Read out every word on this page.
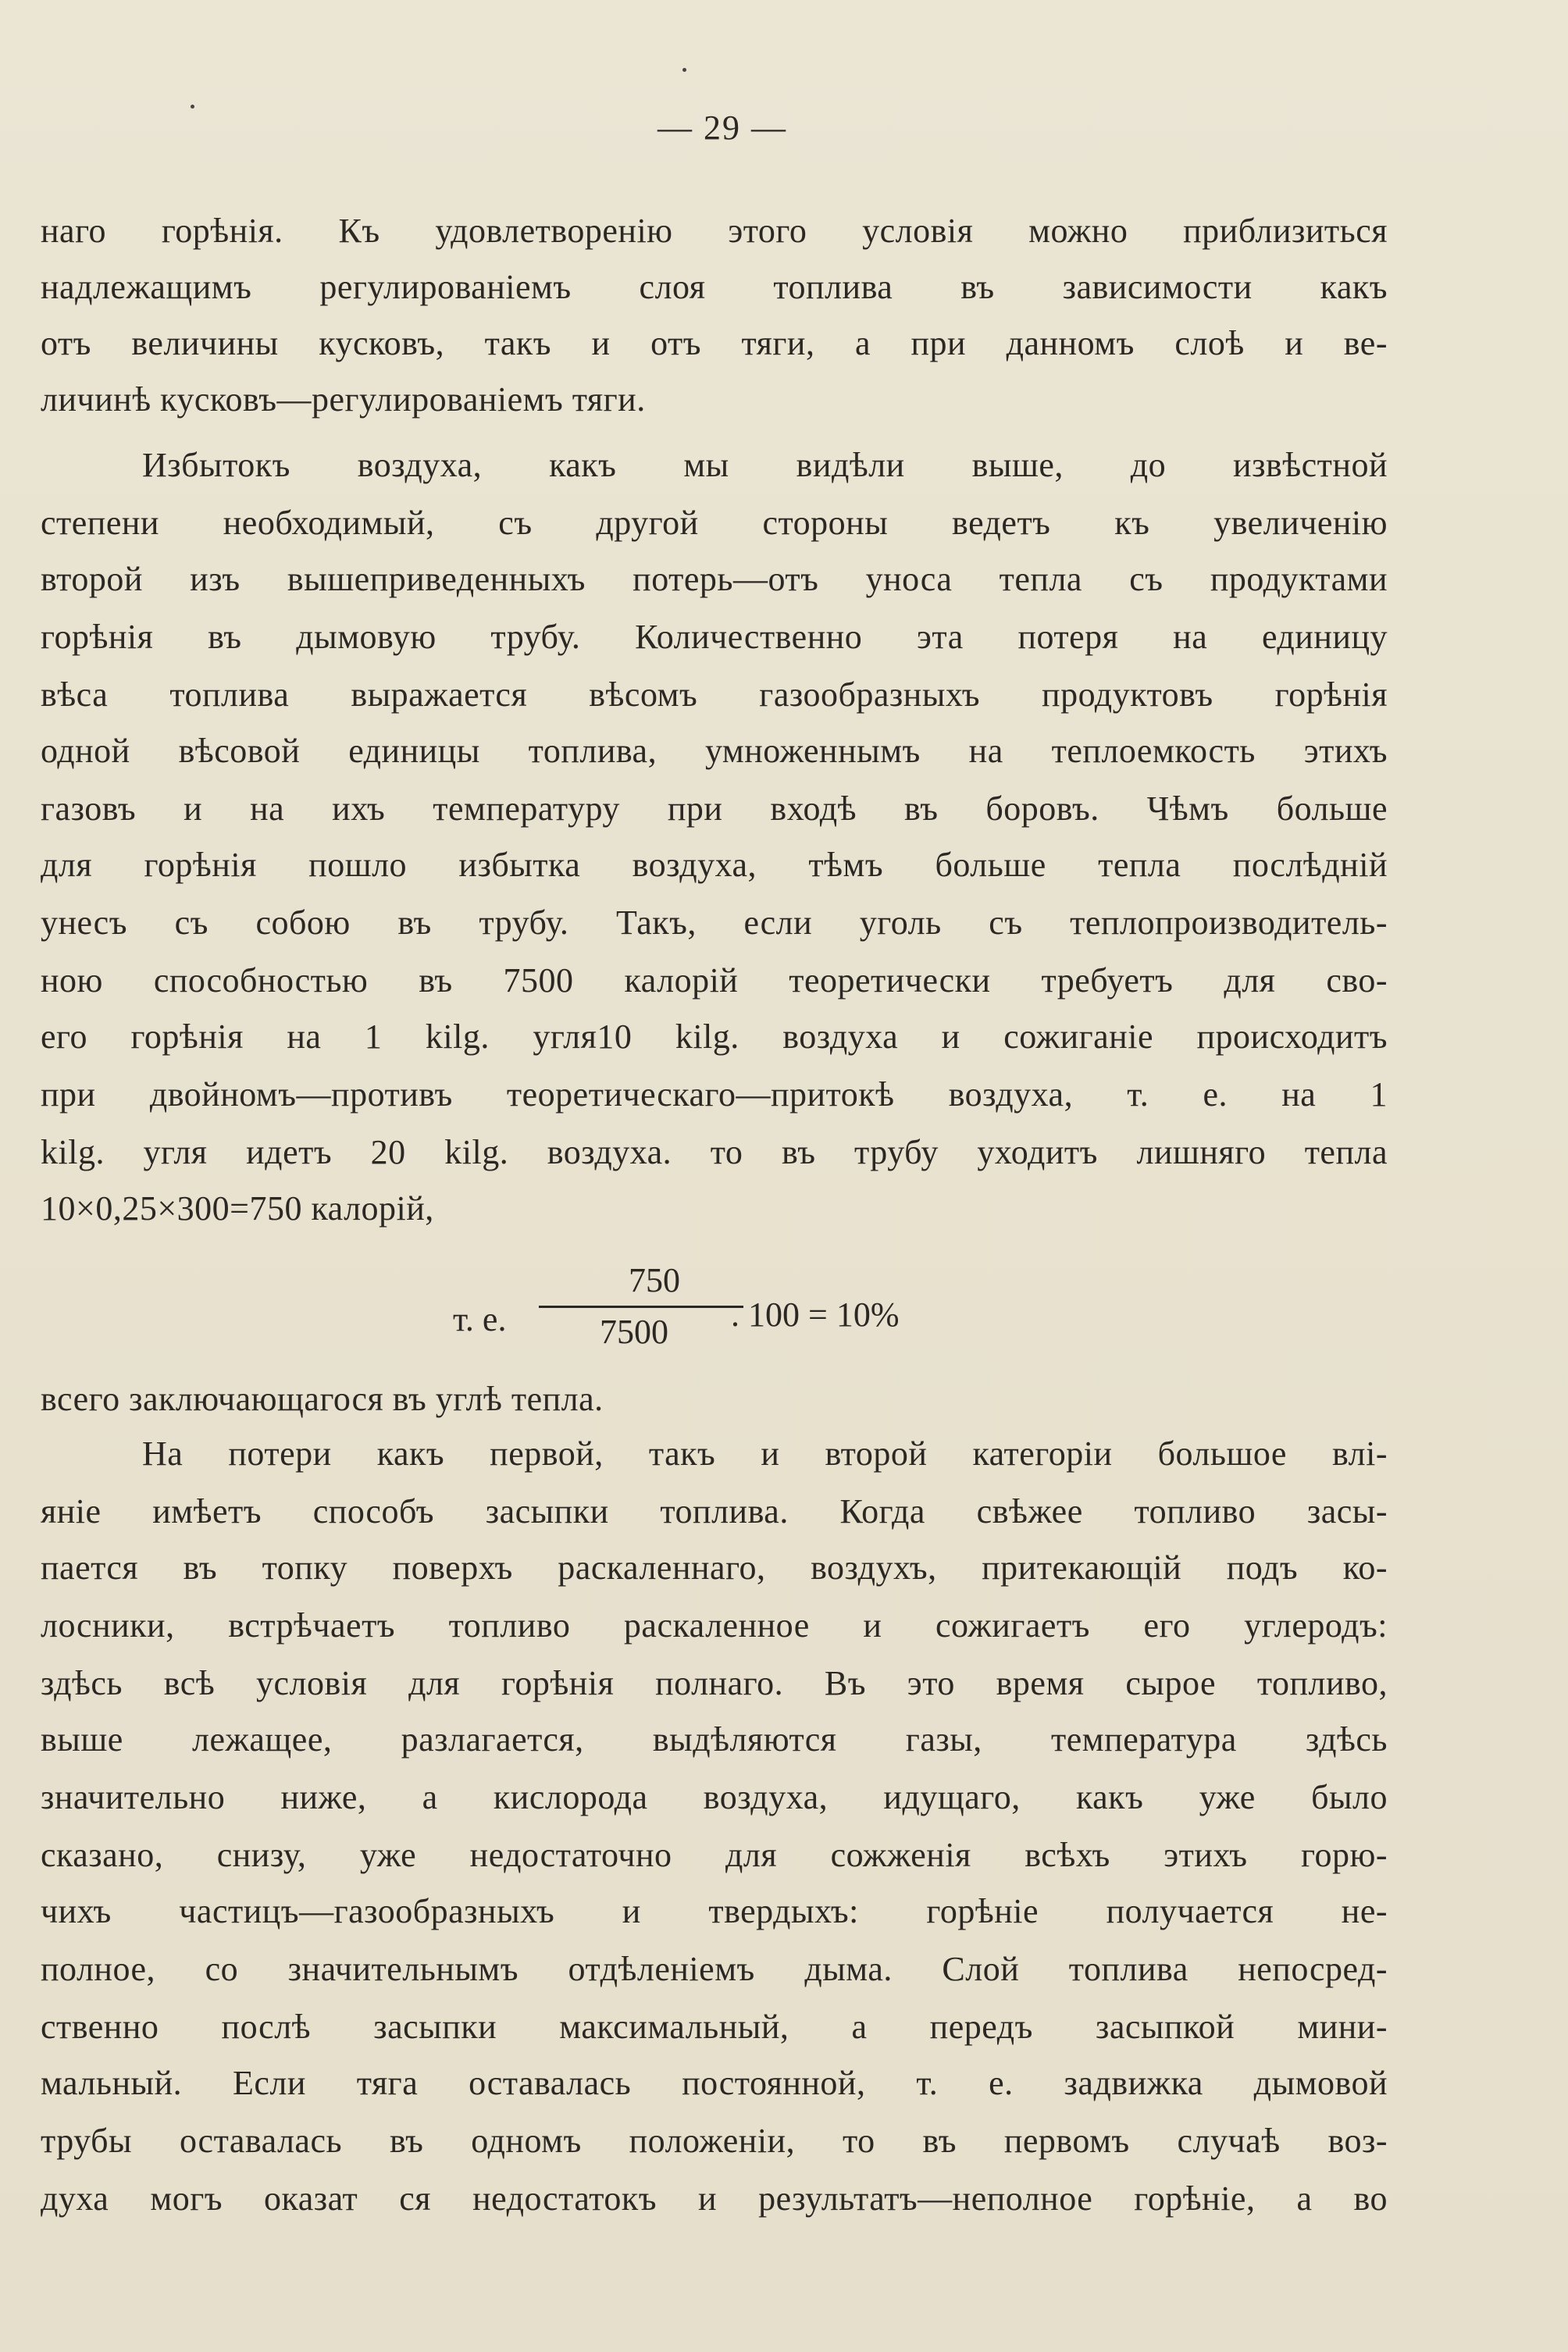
— 29 —
наго горѣнія. Къ удовлетворенію этого условія можно приблизиться
надлежащимъ регулированіемъ слоя топлива въ зависимости какъ
отъ величины кусковъ, такъ и отъ тяги, а при данномъ слоѣ и ве-
личинѣ кусковъ—регулированіемъ тяги.
Избытокъ воздуха, какъ мы видѣли выше, до извѣстной
степени необходимый, съ другой стороны ведетъ къ увеличенію
второй изъ вышеприведенныхъ потерь—отъ уноса тепла съ продуктами
горѣнія въ дымовую трубу. Количественно эта потеря на единицу
вѣса топлива выражается вѣсомъ газообразныхъ продуктовъ горѣнія
одной вѣсовой единицы топлива, умноженнымъ на теплоемкость этихъ
газовъ и на ихъ температуру при входѣ въ боровъ. Чѣмъ больше
для горѣнія пошло избытка воздуха, тѣмъ больше тепла послѣдній
унесъ съ собою въ трубу. Такъ, если уголь съ теплопроизводитель-
ною способностью въ 7500 калорій теоретически требуетъ для сво-
его горѣнія на 1 kilg. угля10 kilg. воздуха и сожиганіе происходитъ
при двойномъ—противъ теоретическаго—притокѣ воздуха, т. е. на 1
kilg. угля идетъ 20 kilg. воздуха. то въ трубу уходитъ лишняго тепла
10×0,25×300=750 калорій,
т. е.
750
7500	. 100 = 10%
всего заключающагося въ углѣ тепла.
На потери какъ первой, такъ и второй категоріи большое влі-
яніе имѣетъ способъ засыпки топлива. Когда свѣжее топливо засы-
пается въ топку поверхъ раскаленнаго, воздухъ, притекающій подъ ко-
лосники, встрѣчаетъ топливо раскаленное и сожигаетъ его углеродъ:
здѣсь всѣ условія для горѣнія полнаго. Въ это время сырое топливо,
выше лежащее, разлагается, выдѣляются газы, температура здѣсь
значительно ниже, а кислорода воздуха, идущаго, какъ уже было
сказано, снизу, уже недостаточно для сожженія всѣхъ этихъ горю-
чихъ частицъ—газообразныхъ и твердыхъ: горѣніе получается не-
полное, со значительнымъ отдѣленіемъ дыма. Слой топлива непосред-
ственно послѣ засыпки максимальный, а передъ засыпкой мини-
мальный. Если тяга оставалась постоянной, т. е. задвижка дымовой
трубы оставалась въ одномъ положеніи, то въ первомъ случаѣ воз-
духа могъ оказат ся недостатокъ и результатъ—неполное горѣніе, а во
